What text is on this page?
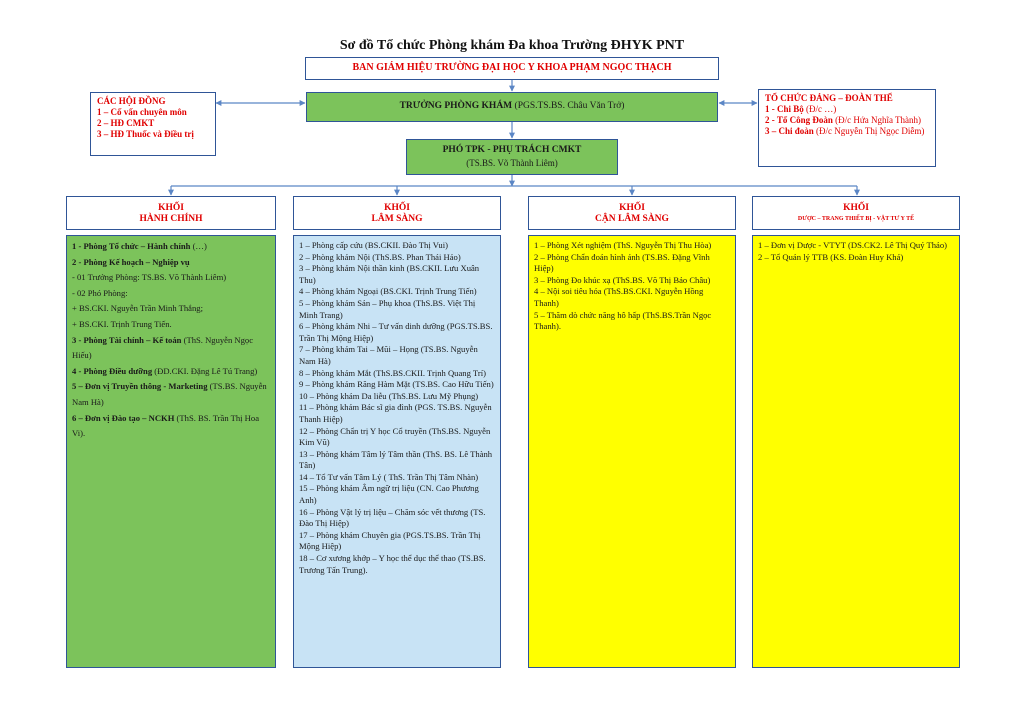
Sơ đồ Tổ chức Phòng khám Đa khoa Trường ĐHYK PNT
BAN GIÁM HIỆU TRƯỜNG ĐẠI HỌC Y KHOA PHẠM NGỌC THẠCH
TRƯỞNG PHÒNG KHÁM (PGS.TS.BS. Châu Văn Trở)
PHÓ TPK - PHỤ TRÁCH CMKT
(TS.BS. Võ Thành Liêm)
CÁC HỘI ĐỒNG
1 – Cố vấn chuyên môn
2 – HĐ CMKT
3 – HĐ Thuốc và Điều trị
TỔ CHỨC ĐẢNG – ĐOÀN THỂ
1 - Chi Bộ (Đ/c …)
2 - Tổ Công Đoàn (Đ/c Hứa Nghĩa Thành)
3 – Chi đoàn (Đ/c Nguyễn Thị Ngọc Diễm)
KHỐI
HÀNH CHÍNH
KHỐI
LÂM SÀNG
KHỐI
CẬN LÂM SÀNG
KHỐI
DƯỢC – TRANG THIẾT BỊ - VẬT TƯ Y TẾ
1 - Phòng Tổ chức – Hành chính (…)
2 - Phòng Kế hoạch – Nghiệp vụ
- 01 Trưởng Phòng: TS.BS. Võ Thành Liêm)
- 02 Phó Phòng:
+ BS.CKI. Nguyễn Trần Minh Thắng;
+ BS.CKI. Trịnh Trung Tiến.
3 - Phòng Tài chính – Kế toán (ThS. Nguyễn Ngọc Hiếu)
4 - Phòng Điều dưỡng (ĐD.CKI. Đặng Lê Tú Trang)
5 – Đơn vị Truyền thông - Marketing (TS.BS. Nguyễn Nam Hà)
6 – Đơn vị Đào tạo – NCKH (ThS. BS. Trần Thị Hoa Vi).
1 – Phòng cấp cứu (BS.CKII. Đào Thị Vui)
2 – Phòng khám Nội (ThS.BS. Phan Thái Hảo)
3 – Phòng khám Nội thần kinh (BS.CKII. Lưu Xuân Thu)
4 – Phòng khám Ngoại (BS.CKI. Trịnh Trung Tiến)
5 – Phòng khám Sản – Phụ khoa (ThS.BS. Việt Thị Minh Trang)
6 – Phòng khám Nhi – Tư vấn dinh dưỡng (PGS.TS.BS. Trần Thị Mộng Hiệp)
7 – Phòng khám Tai – Mũi – Họng (TS.BS. Nguyễn Nam Hà)
8 – Phòng khám Mắt (ThS.BS.CKII. Trịnh Quang Trí)
9 – Phòng khám Răng Hàm Mặt (TS.BS. Cao Hữu Tiến)
10 – Phòng khám Da liễu (ThS.BS. Lưu Mỹ Phụng)
11 – Phòng khám Bác sĩ gia đình (PGS. TS.BS. Nguyễn Thanh Hiệp)
12 – Phòng Chẩn trị Y học Cổ truyền (ThS.BS. Nguyễn Kim Vũ)
13 – Phòng khám Tâm lý Tâm thần (ThS. BS. Lê Thành Tân)
14 – Tổ Tư vấn Tâm Lý ( ThS. Trần Thị Tâm Nhàn)
15 – Phòng khám Âm ngữ trị liệu (CN. Cao Phương Anh)
16 – Phòng Vật lý trị liệu – Chăm sóc vết thương (TS. Đào Thị Hiệp)
17 – Phòng khám Chuyên gia (PGS.TS.BS. Trần Thị Mộng Hiệp)
18 – Cơ xương khớp – Y học thể dục thể thao (TS.BS. Trương Tấn Trung).
1 – Phòng Xét nghiệm (ThS. Nguyễn Thị Thu Hòa)
2 – Phòng Chẩn đoán hình ảnh (TS.BS. Đặng Vĩnh Hiệp)
3 – Phòng Đo khúc xạ (ThS.BS. Võ Thị Bảo Châu)
4 – Nội soi tiêu hóa (ThS.BS.CKI. Nguyễn Hồng Thanh)
5 – Thăm dò chức năng hô hấp (ThS.BS.Trần Ngọc Thanh).
1 – Đơn vị Dược - VTYT (DS.CK2. Lê Thị Quý Thảo)
2 – Tổ Quản lý TTB (KS. Đoàn Huy Khá)
